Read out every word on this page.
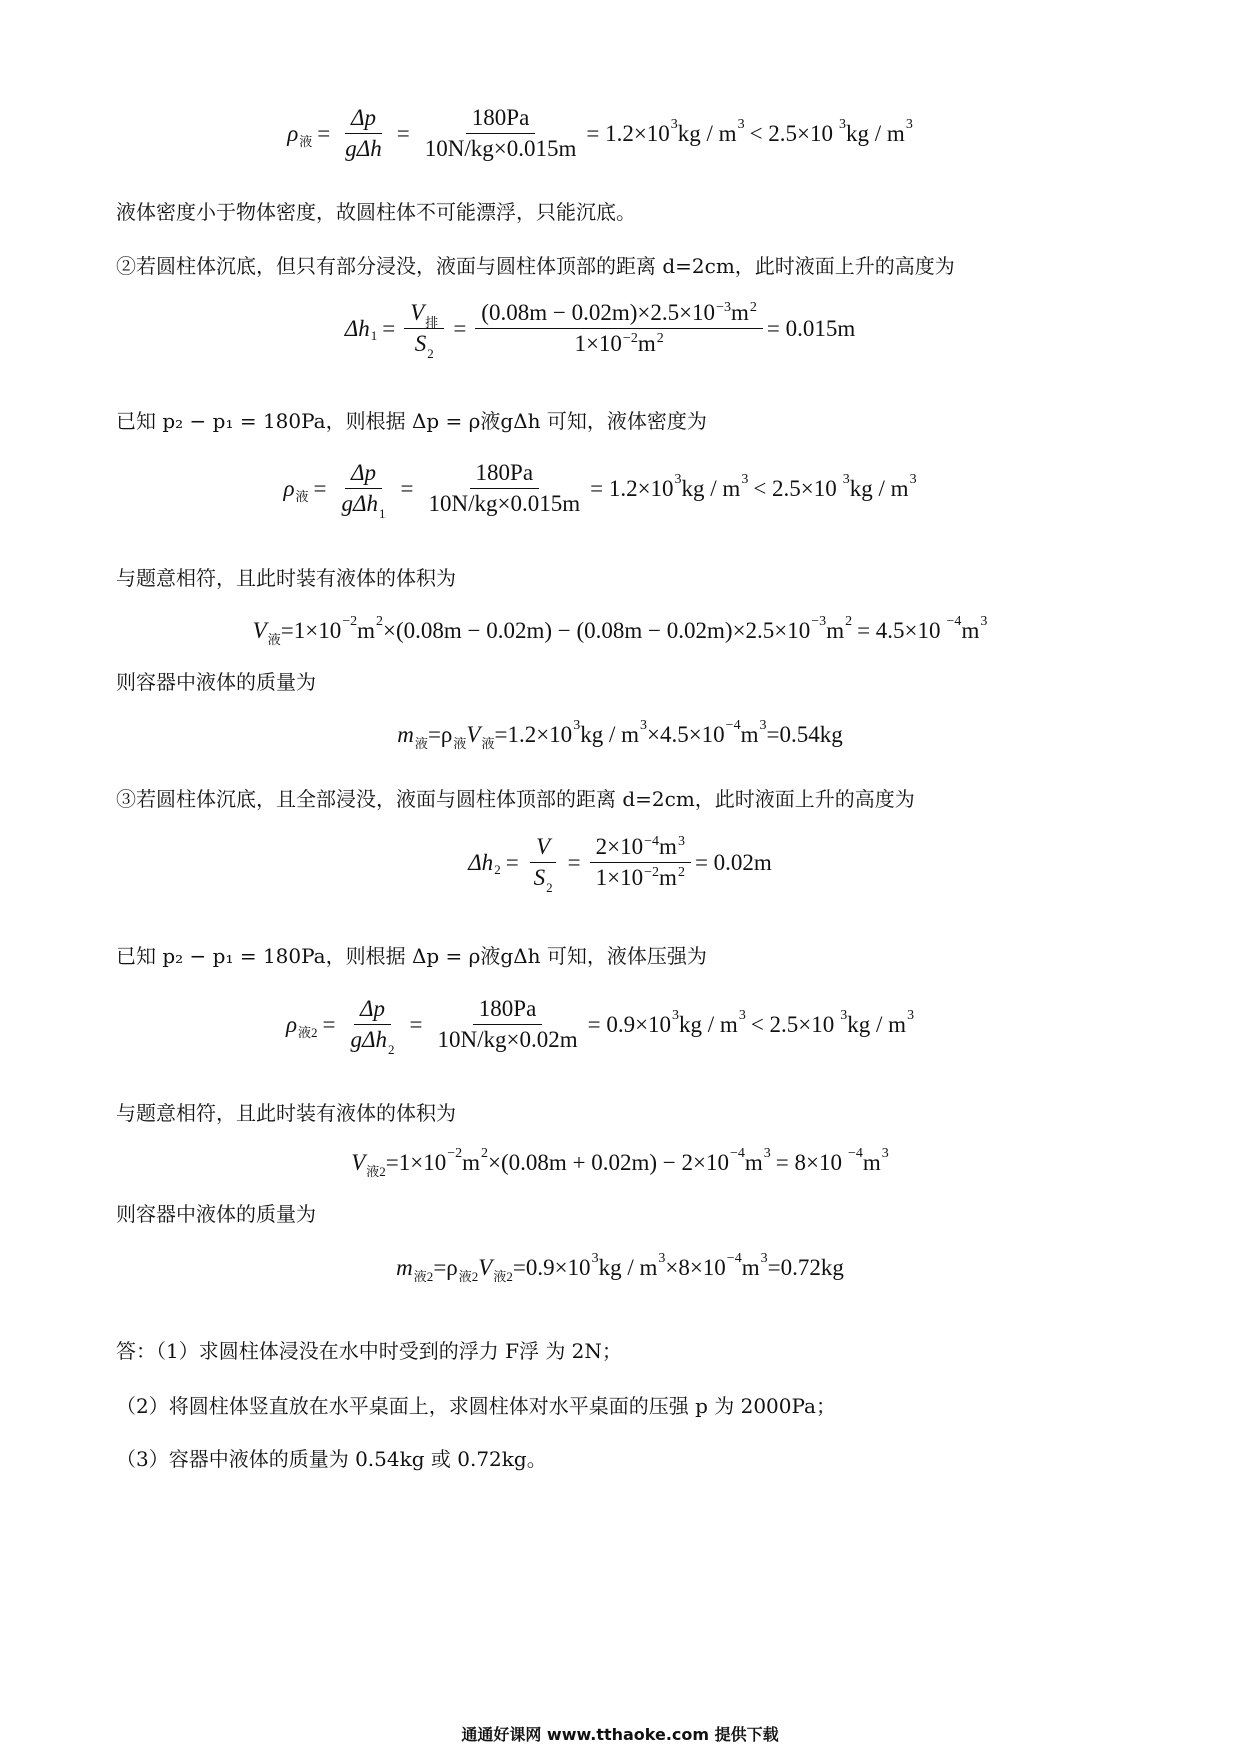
ρ 液 = $\frac{\Delta p}{\text{gΔh}} = \frac{180Pa}{10N/kg\times 0.015m} = 1.2\times 10$ 3 kg / m 3 < 2.5×10 3 kg / m 3
液体密度小于物体密度，故圆柱体不可能漂浮，只能沉底。
②若圆柱体沉底，但只有部分浸没，液面与圆柱体顶部的距离 d=2cm，此时液面上升的高度为
Δh $1 = \frac{V_排}{S_2} = \frac{(0.08m - 0.02m)\times 2.5\times 10^{-3}m^2}{1\times 10^{-2}m^2} = 0.015m$
已知 p₂ − p₁ = 180Pa，则根据 Δp = ρ液gΔh 可知，液体密度为
ρ 液 = $\frac{\Delta p}{g\Delta h_1} = \frac{180Pa}{10N/kg\times 0.015m} = 1.2\times 10$ 3 kg / m 3 < 2.5×10 3 kg / m 3
与题意相符，且此时装有液体的体积为
V 液 =1×10 −2 m 2 ×(0.08m − 0.02m) − (0.08m − 0.02m)×2.5×10 −3 m 2 = 4.5×10 −4 m 3
则容器中液体的质量为
m 液 =ρ 液 V 液 =1.2×10 3 kg / m 3 ×4.5×10 −4 m 3 =0.54kg
③若圆柱体沉底，且全部浸没，液面与圆柱体顶部的距离 d=2cm，此时液面上升的高度为
Δh $2 = \frac{V}{S_2} = \frac{2\times 10^{-4}m^3}{1\times 10^{-2}m^2} = 0.02m$
已知 p₂ − p₁ = 180Pa，则根据 Δp = ρ液gΔh 可知，液体压强为
ρ 液$2 = \frac{\Delta p}{g\Delta h_2} = \frac{180Pa}{10N/kg\times 0.02m} = 0.9\times 10$ 3 kg / m 3 < 2.5×10 3 kg / m 3
与题意相符，且此时装有液体的体积为
V 液2 =1×10 −2 m 2 ×(0.08m + 0.02m) − 2×10 −4 m 3 = 8×10 −4 m 3
则容器中液体的质量为
m 液2 =ρ 液2 V 液2 =0.9×10 3 kg / m 3 ×8×10 −4 m 3 =0.72kg
答：（1）求圆柱体浸没在水中时受到的浮力 F浮 为 2N；
（2）将圆柱体竖直放在水平桌面上，求圆柱体对水平桌面的压强 p 为 2000Pa；
（3）容器中液体的质量为 0.54kg 或 0.72kg。
通通好课网 www.tthaoke.com 提供下载
